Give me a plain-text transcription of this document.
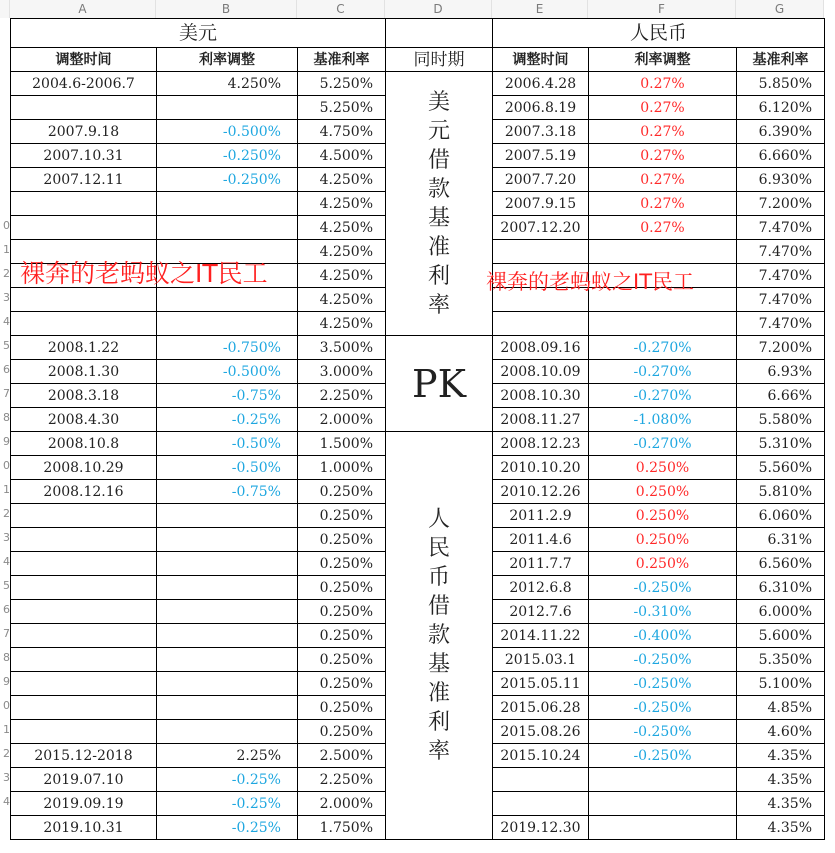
A	B	C	D	E	F	G
0
1
2
3
4
5
6
7
8
9
0
1
2
3
4
5
6
7
8
9
0
1
2
3
4
美元				人民币		
调整时间	利率调整	基准利率	同时期	调整时间	利率调整	基准利率
2004.6-2006.7	4.250%	5.250%	美元借款基准利率	2006.4.28	0.27%	5.850%
		5.250%		2006.8.19	0.27%	6.120%
2007.9.18	-0.500%	4.750%		2007.3.18	0.27%	6.390%
2007.10.31	-0.250%	4.500%		2007.5.19	0.27%	6.660%
2007.12.11	-0.250%	4.250%		2007.7.20	0.27%	6.930%
		4.250%		2007.9.15	0.27%	7.200%
		4.250%		2007.12.20	0.27%	7.470%
		4.250%				7.470%
		4.250%				7.470%
		4.250%				7.470%
		4.250%				7.470%
2008.1.22	-0.750%	3.500%	PK	2008.09.16	-0.270%	7.200%
2008.1.30	-0.500%	3.000%		2008.10.09	-0.270%	6.93%
2008.3.18	-0.75%	2.250%		2008.10.30	-0.270%	6.66%
2008.4.30	-0.25%	2.000%		2008.11.27	-1.080%	5.580%
2008.10.8	-0.50%	1.500%	人民币借款基准利率	2008.12.23	-0.270%	5.310%
2008.10.29	-0.50%	1.000%		2010.10.20	0.250%	5.560%
2008.12.16	-0.75%	0.250%		2010.12.26	0.250%	5.810%
		0.250%		2011.2.9	0.250%	6.060%
		0.250%		2011.4.6	0.250%	6.31%
		0.250%		2011.7.7	0.250%	6.560%
		0.250%		2012.6.8	-0.250%	6.310%
		0.250%		2012.7.6	-0.310%	6.000%
		0.250%		2014.11.22	-0.400%	5.600%
		0.250%		2015.03.1	-0.250%	5.350%
		0.250%		2015.05.11	-0.250%	5.100%
		0.250%		2015.06.28	-0.250%	4.85%
		0.250%		2015.08.26	-0.250%	4.60%
2015.12-2018	2.25%	2.500%		2015.10.24	-0.250%	4.35%
2019.07.10	-0.25%	2.250%				4.35%
2019.09.19	-0.25%	2.000%				4.35%
2019.10.31	-0.25%	1.750%		2019.12.30		4.35%
裸奔的老蚂蚁之IT民工	裸奔的老蚂蚁之IT民工
